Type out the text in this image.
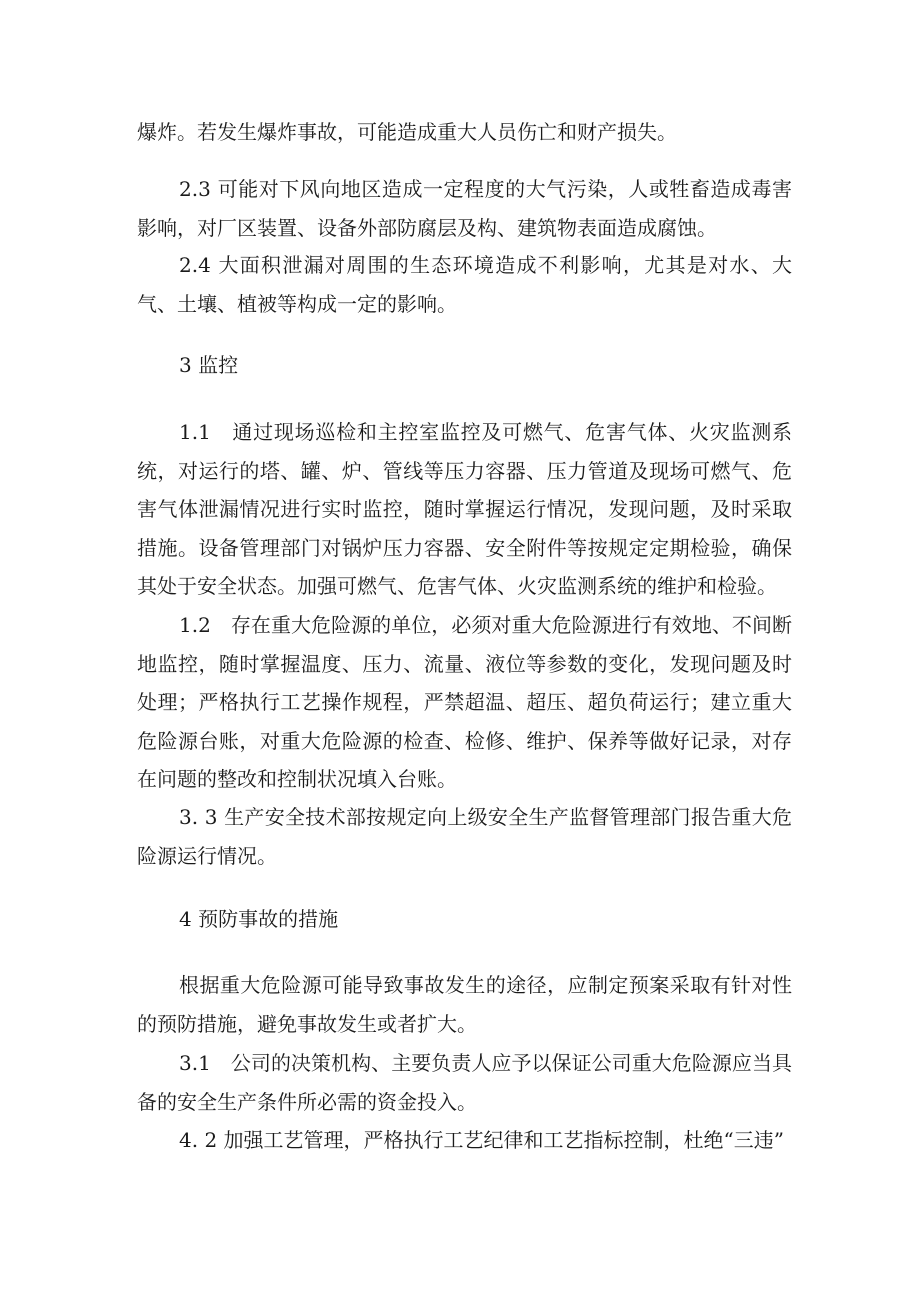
爆炸。若发生爆炸事故，可能造成重大人员伤亡和财产损失。

2.3 可能对下风向地区造成一定程度的大气污染，人或牲畜造成毒害影响，对厂区装置、设备外部防腐层及构、建筑物表面造成腐蚀。

2.4 大面积泄漏对周围的生态环境造成不利影响，尤其是对水、大气、土壤、植被等构成一定的影响。

3 监控

1.1　通过现场巡检和主控室监控及可燃气、危害气体、火灾监测系统，对运行的塔、罐、炉、管线等压力容器、压力管道及现场可燃气、危害气体泄漏情况进行实时监控，随时掌握运行情况，发现问题，及时采取措施。设备管理部门对锅炉压力容器、安全附件等按规定定期检验，确保其处于安全状态。加强可燃气、危害气体、火灾监测系统的维护和检验。

1.2　存在重大危险源的单位，必须对重大危险源进行有效地、不间断地监控，随时掌握温度、压力、流量、液位等参数的变化，发现问题及时处理；严格执行工艺操作规程，严禁超温、超压、超负荷运行；建立重大危险源台账，对重大危险源的检查、检修、维护、保养等做好记录，对存在问题的整改和控制状况填入台账。

3. 3 生产安全技术部按规定向上级安全生产监督管理部门报告重大危险源运行情况。

4 预防事故的措施

根据重大危险源可能导致事故发生的途径，应制定预案采取有针对性的预防措施，避免事故发生或者扩大。

3.1　公司的决策机构、主要负责人应予以保证公司重大危险源应当具备的安全生产条件所必需的资金投入。

4. 2 加强工艺管理，严格执行工艺纪律和工艺指标控制，杜绝“三违”
